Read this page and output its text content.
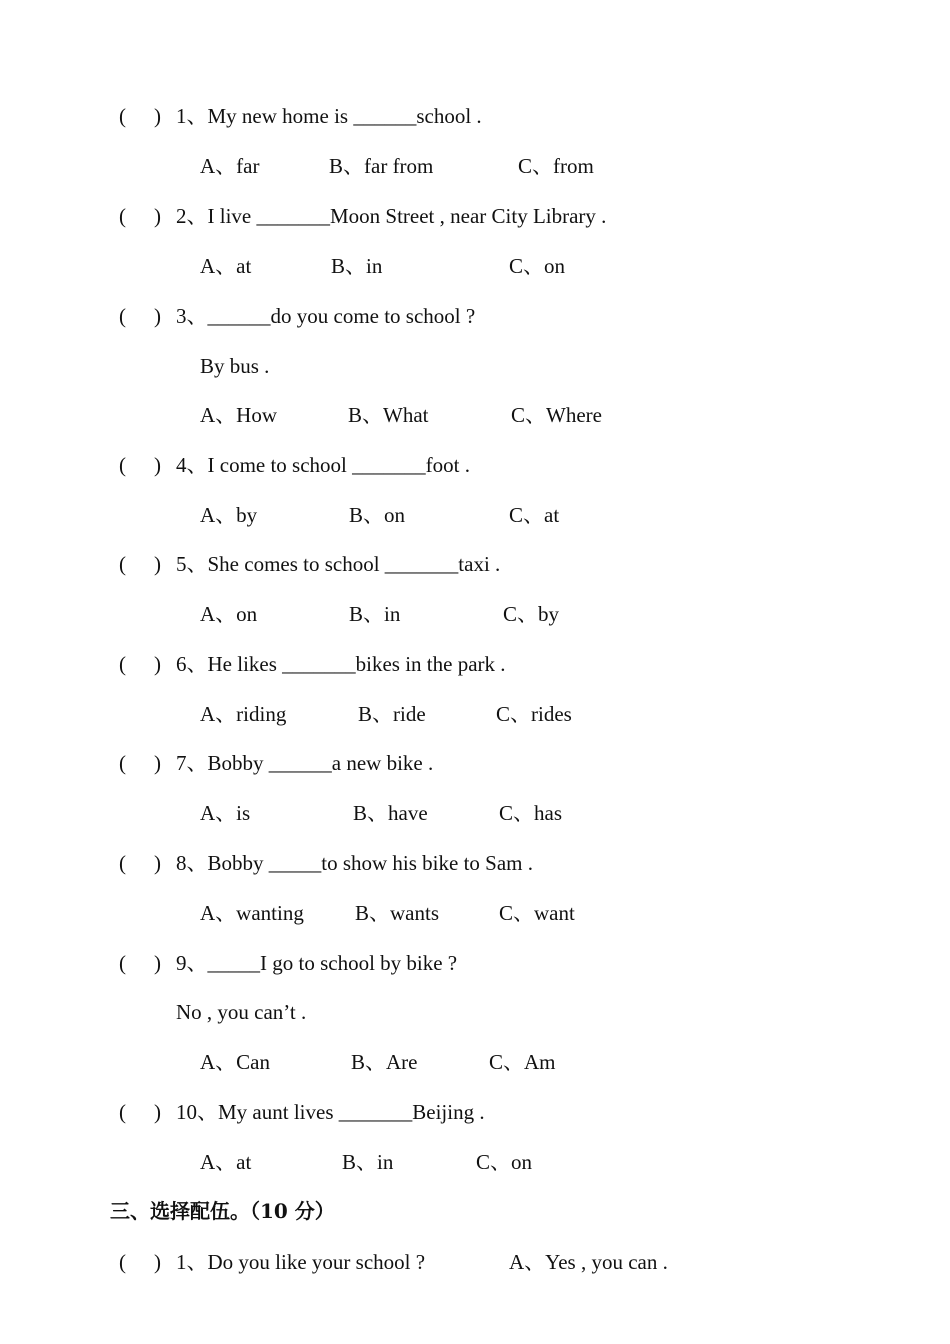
( ) 1、My new home is ______school .
A、far	B、far from	C、from
( ) 2、I live _______Moon Street , near City Library .
A、at	B、in	C、on
( ) 3、______do you come to school ?
By bus .
A、How	B、What	C、Where
( ) 4、I come to school _______foot .
A、by	B、on	C、at
( ) 5、She comes to school _______taxi .
A、on	B、in	C、by
( ) 6、He likes _______bikes in the park .
A、riding	B、ride	C、rides
( ) 7、Bobby ______a new bike .
A、is	B、have	C、has
( ) 8、Bobby _____to show his bike to Sam .
A、wanting B、wants	C、want
( ) 9、_____I go to school by bike ?
No , you can’t .
A、Can	B、Are	C、Am
( ) 10、My aunt lives _______Beijing .
A、at	B、in	C、on
三、选择配伍。（10 分）
( ) 1、Do you like your school ?	A、Yes , you can .
